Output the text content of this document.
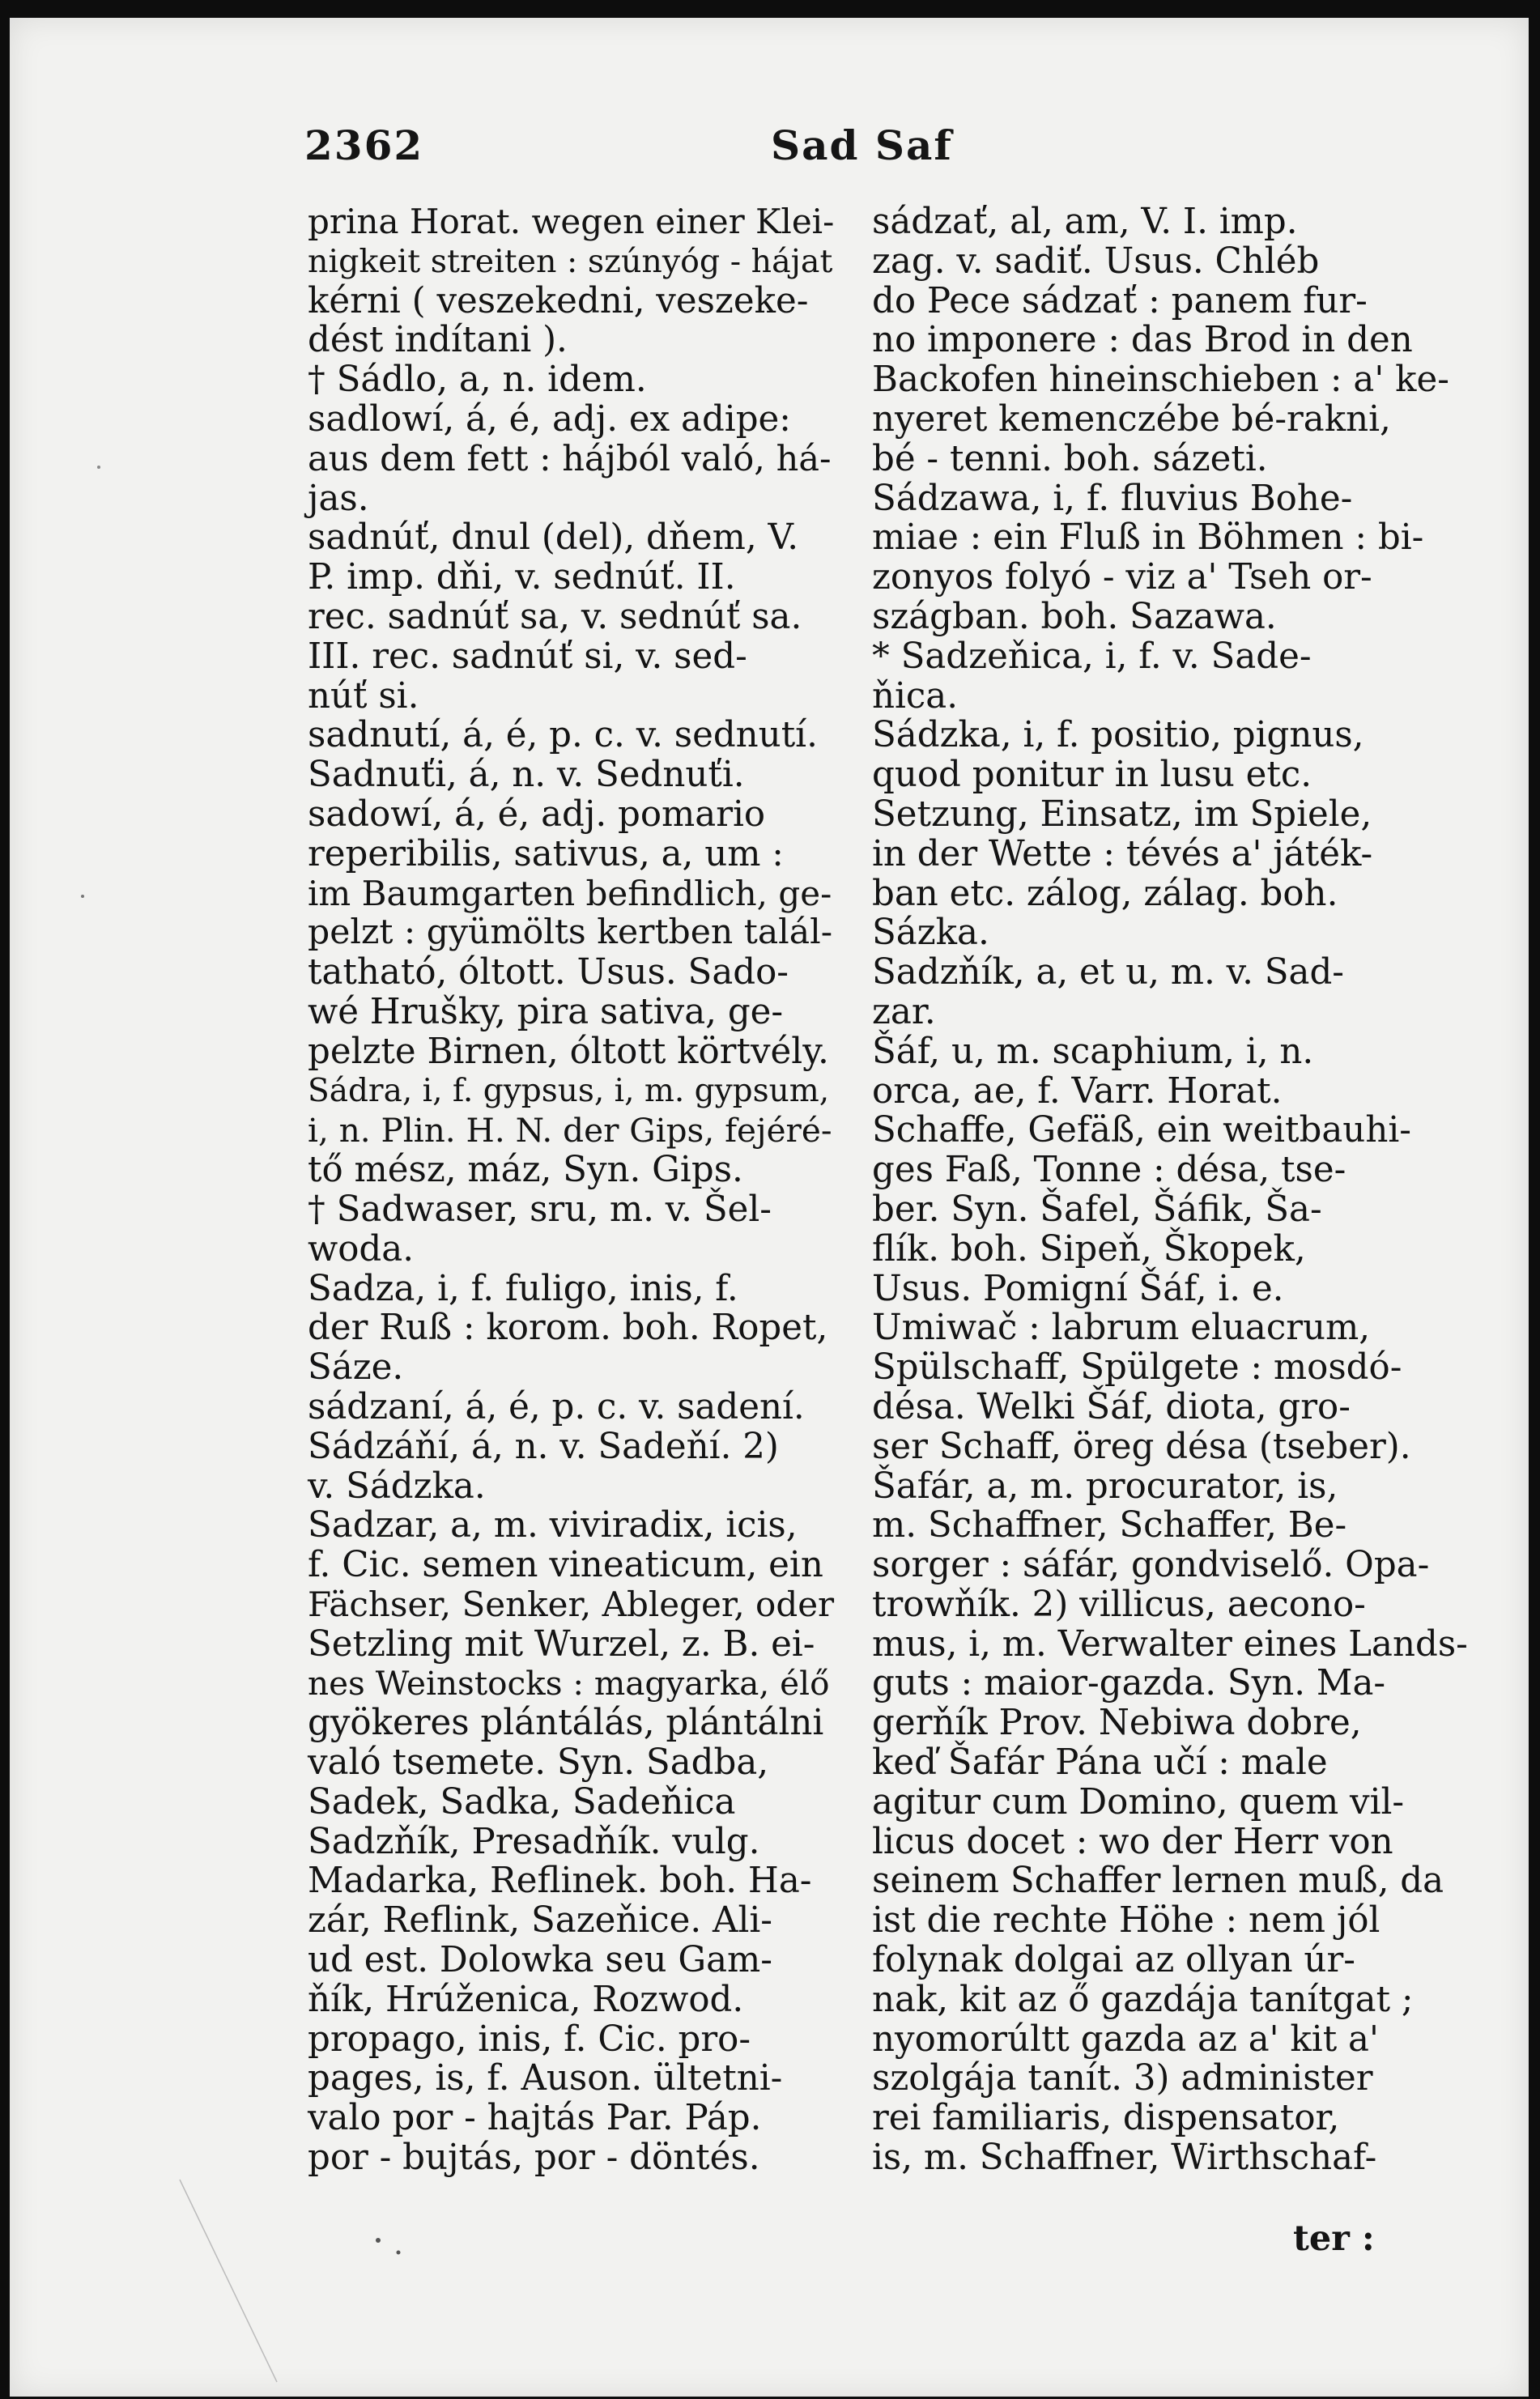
2362	Sad Saf
prina Horat. wegen einer Klei-
nigkeit streiten : szúnyóg - hájat
kérni ( veszekedni, veszeke-
dést indítani ).
† Sádlo, a, n. idem.
sadlowí, á, é, adj. ex adipe:
aus dem fett : hájból való, há-
jas.
sadnúť, dnul (del), dňem, V.
P. imp. dňi, v. sednúť. II.
rec. sadnúť sa, v. sednúť sa.
III. rec. sadnúť si, v. sed-
núť si.
sadnutí, á, é, p. c. v. sednutí.
Sadnuťi, á, n. v. Sednuťi.
sadowí, á, é, adj. pomario
reperibilis, sativus, a, um :
im Baumgarten befindlich, ge-
pelzt : gyümölts kertben talál-
tatható, óltott. Usus. Sado-
wé Hrušky, pira sativa, ge-
pelzte Birnen, óltott körtvély.
Sádra, i, f. gypsus, i, m. gypsum,
i, n. Plin. H. N. der Gips, fejéré-
tő mész, máz, Syn. Gips.
† Sadwaser, sru, m. v. Šel-
woda.
Sadza, i, f. fuligo, inis, f.
der Ruß : korom. boh. Ropet,
Sáze.
sádzaní, á, é, p. c. v. sadení.
Sádzáňí, á, n. v. Sadeňí. 2)
v. Sádzka.
Sadzar, a, m. viviradix, icis,
f. Cic. semen vineaticum, ein
Fächser, Senker, Ableger, oder
Setzling mit Wurzel, z. B. ei-
nes Weinstocks : magyarka, élő
gyökeres plántálás, plántálni
való tsemete. Syn. Sadba,
Sadek, Sadka, Sadeňica
Sadzňík, Presadňík. vulg.
Madarka, Reflinek. boh. Ha-
zár, Reflink, Sazeňice. Ali-
ud est. Dolowka seu Gam-
ňík, Hrúženica, Rozwod.
propago, inis, f. Cic. pro-
pages, is, f. Auson. ültetni-
valo por - hajtás Par. Páp.
por - bujtás, por - döntés.
sádzať, al, am, V. I. imp.
zag. v. sadiť. Usus. Chléb
do Pece sádzať : panem fur-
no imponere : das Brod in den
Backofen hineinschieben : a' ke-
nyeret kemenczébe bé-rakni,
bé - tenni. boh. sázeti.
Sádzawa, i, f. fluvius Bohe-
miae : ein Fluß in Böhmen : bi-
zonyos folyó - viz a' Tseh or-
szágban. boh. Sazawa.
* Sadzeňica, i, f. v. Sade-
ňica.
Sádzka, i, f. positio, pignus,
quod ponitur in lusu etc.
Setzung, Einsatz, im Spiele,
in der Wette : tévés a' játék-
ban etc. zálog, zálag. boh.
Sázka.
Sadzňík, a, et u, m. v. Sad-
zar.
Šáf, u, m. scaphium, i, n.
orca, ae, f. Varr. Horat.
Schaffe, Gefäß, ein weitbauhi-
ges Faß, Tonne : désa, tse-
ber. Syn. Šafel, Šáfik, Ša-
flík. boh. Sipeň, Škopek,
Usus. Pomigní Šáf, i. e.
Umiwač : labrum eluacrum,
Spülschaff, Spülgete : mosdó-
désa. Welki Šáf, diota, gro-
ser Schaff, öreg désa (tseber).
Šafár, a, m. procurator, is,
m. Schaffner, Schaffer, Be-
sorger : sáfár, gondviselő. Opa-
trowňík. 2) villicus, aecono-
mus, i, m. Verwalter eines Lands-
guts : maior-gazda. Syn. Ma-
gerňík Prov. Nebiwa dobre,
keď Šafár Pána učí : male
agitur cum Domino, quem vil-
licus docet : wo der Herr von
seinem Schaffer lernen muß, da
ist die rechte Höhe : nem jól
folynak dolgai az ollyan úr-
nak, kit az ő gazdája tanítgat ;
nyomorúltt gazda az a' kit a'
szolgája tanít. 3) administer
rei familiaris, dispensator,
is, m. Schaffner, Wirthschaf-
ter :
